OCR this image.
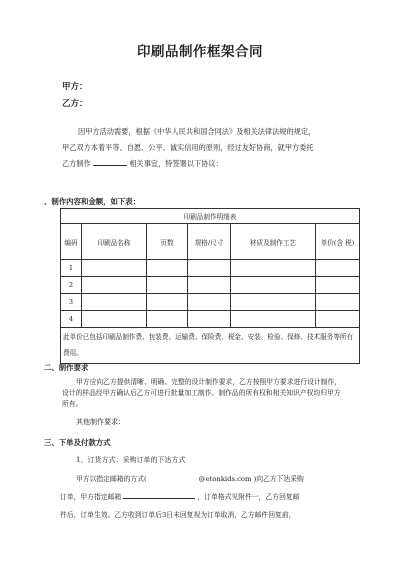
印刷品制作框架合同
甲方：
乙方：
因甲方活动需要，根据《中华人民共和国合同法》及相关法律法规的规定，
甲乙双方本着平等、自愿、公平、诚实信用的原则，经过友好协商，就甲方委托
乙方制作	相关事宜，特签署以下协议：
、制作内容和金额，如下表：
印刷品制作明细表					
编码	印刷品名称	页数	规格/尺寸	材质及制作工艺	单价(含 税)
1					
2					
3					
4					
此单价已包括印刷品制作费、包装费、运输费、保险费、税金、安装、检验、保修、技术服务等所有费用。					
二、制作要求
甲方应向乙方提供清晰、明确、完整的设计制作要求，乙方按照甲方要求进行设计制作，设计的样品经甲方确认后乙方可进行批量加工制作。制作品的所有权和相关知识产权均归甲方所有。
其他制作要求：
三、下单及付款方式
1、订货方式：采购订单的下达方式
甲方以指定邮箱的方式(	@etonkids.com )向乙方下达采购
订单，甲方指定邮箱	，订单格式见附件一，乙方回复邮
件后，订单生效。乙方收到订单后3日未回复视为订单取消，乙方邮件回复前，
